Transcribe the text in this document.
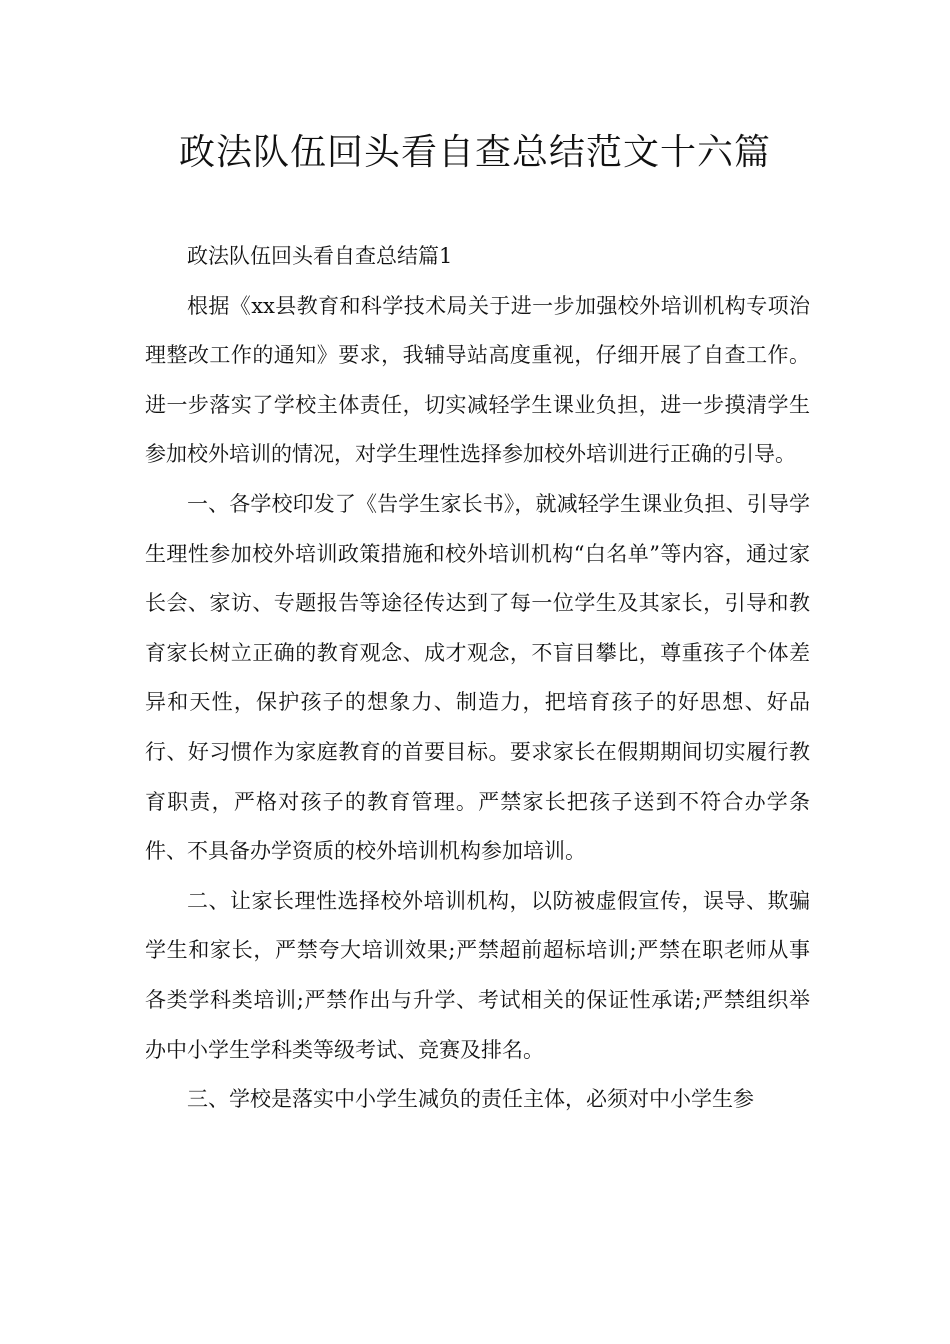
政法队伍回头看自查总结范文十六篇

政法队伍回头看自查总结篇1

根据《xx县教育和科学技术局关于进一步加强校外培训机构专项治理整改工作的通知》要求，我辅导站高度重视，仔细开展了自查工作。进一步落实了学校主体责任，切实减轻学生课业负担，进一步摸清学生参加校外培训的情况，对学生理性选择参加校外培训进行正确的引导。

一、各学校印发了《告学生家长书》，就减轻学生课业负担、引导学生理性参加校外培训政策措施和校外培训机构“白名单”等内容，通过家长会、家访、专题报告等途径传达到了每一位学生及其家长，引导和教育家长树立正确的教育观念、成才观念，不盲目攀比，尊重孩子个体差异和天性，保护孩子的想象力、制造力，把培育孩子的好思想、好品行、好习惯作为家庭教育的首要目标。要求家长在假期期间切实履行教育职责，严格对孩子的教育管理。严禁家长把孩子送到不符合办学条件、不具备办学资质的校外培训机构参加培训。

二、让家长理性选择校外培训机构，以防被虚假宣传，误导、欺骗学生和家长，严禁夸大培训效果;严禁超前超标培训;严禁在职老师从事各类学科类培训;严禁作出与升学、考试相关的保证性承诺;严禁组织举办中小学生学科类等级考试、竞赛及排名。

三、学校是落实中小学生减负的责任主体，必须对中小学生参
